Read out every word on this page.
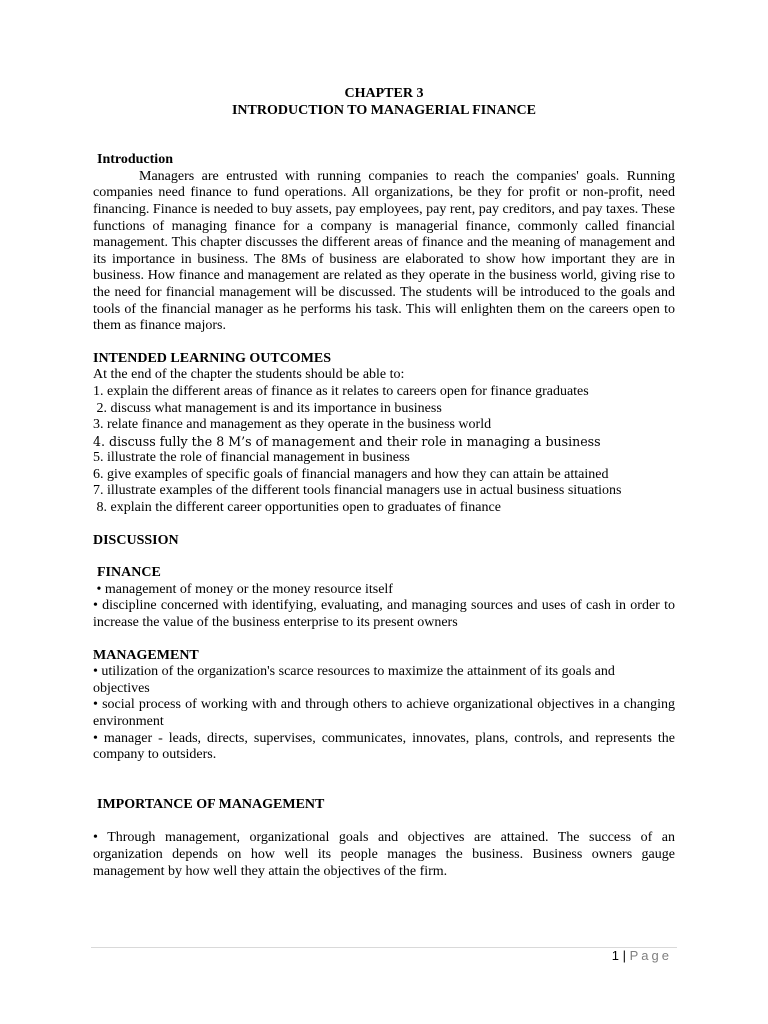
CHAPTER 3
INTRODUCTION TO MANAGERIAL FINANCE
Introduction
Managers are entrusted with running companies to reach the companies' goals. Running companies need finance to fund operations. All organizations, be they for profit or non-profit, need financing. Finance is needed to buy assets, pay employees, pay rent, pay creditors, and pay taxes. These functions of managing finance for a company is managerial finance, commonly called financial management. This chapter discusses the different areas of finance and the meaning of management and its importance in business. The 8Ms of business are elaborated to show how important they are in business. How finance and management are related as they operate in the business world, giving rise to the need for financial management will be discussed. The students will be introduced to the goals and tools of the financial manager as he performs his task. This will enlighten them on the careers open to them as finance majors.
INTENDED LEARNING OUTCOMES
At the end of the chapter the students should be able to:
1. explain the different areas of finance as it relates to careers open for finance graduates
2. discuss what management is and its importance in business
3. relate finance and management as they operate in the business world
4. discuss fully the 8 M’s of management and their role in managing a business
5. illustrate the role of financial management in business
6. give examples of specific goals of financial managers and how they can attain be attained
7. illustrate examples of the different tools financial managers use in actual business situations
8. explain the different career opportunities open to graduates of finance
DISCUSSION
FINANCE
• management of money or the money resource itself
• discipline concerned with identifying, evaluating, and managing sources and uses of cash in order to increase the value of the business enterprise to its present owners
MANAGEMENT
• utilization of the organization's scarce resources to maximize the attainment of its goals and objectives
• social process of working with and through others to achieve organizational objectives in a changing environment
• manager - leads, directs, supervises, communicates, innovates, plans, controls, and represents the company to outsiders.
IMPORTANCE OF MANAGEMENT
• Through management, organizational goals and objectives are attained. The success of an organization depends on how well its people manages the business. Business owners gauge management by how well they attain the objectives of the firm.
1 | Page
